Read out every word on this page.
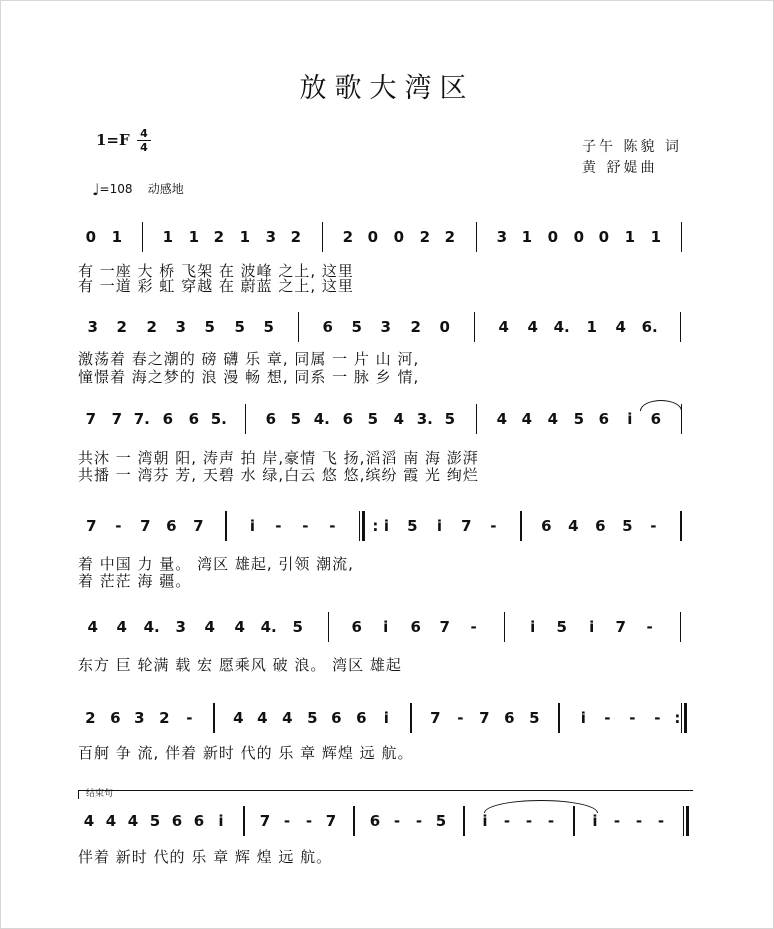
放歌大湾区
1=F 4
4
♩=108 动感地
子午 陈貌 词
黄 舒媞曲
0	1	1	1 2	1	3 2	2 0	0	2 2	3 1	0	0 0	1	1
有 一座 大 桥 飞架 在 波峰 之上, 这里
有 一道 彩 虹 穿越 在 蔚蓝 之上, 这里
3	2	2	3	5	5	5	6	5	3	2	0	4	4	4.	1	4	6.
激荡着 春之潮的 磅 礴 乐 章, 同属 一 片 山 河,
憧憬着 海之梦的 浪 漫 畅 想, 同系 一 脉 乡 情,
7	7 7. 6	6 5.	6 5 4. 6 5	4 3. 5	4 4	4	5 6	i	6
共沐 一 湾朝 阳, 涛声 拍 岸,豪情 飞 扬,滔滔 南 海 澎湃
共播 一 湾芬 芳, 天碧 水 绿,白云 悠 悠,缤纷 霞 光 绚烂
7	-	7	6	7	i	-	-	-	: i	5	i	7	-	6	4	6	5	-
着 中国 力 量。 湾区 雄起, 引领 潮流,
着 茫茫 海 疆。
4	4	4.	3	4	4	4.	5	6	i	6	7	-	i	5	i	7	-
东方 巨 轮满 载 宏 愿乘风 破 浪。 湾区 雄起
2 6 3 2	-	4 4 4 5 6 6	i	7	-	7 6 5	i	-	-	- :
百舸 争 流, 伴着 新时 代的 乐 章 辉煌 远 航。
结束句
4 4 4 5 6 6 i	7 -	- 7	6 -	- 5	i	-	-	-	i	-	-	-
伴着 新时 代的 乐 章 辉 煌 远 航。
